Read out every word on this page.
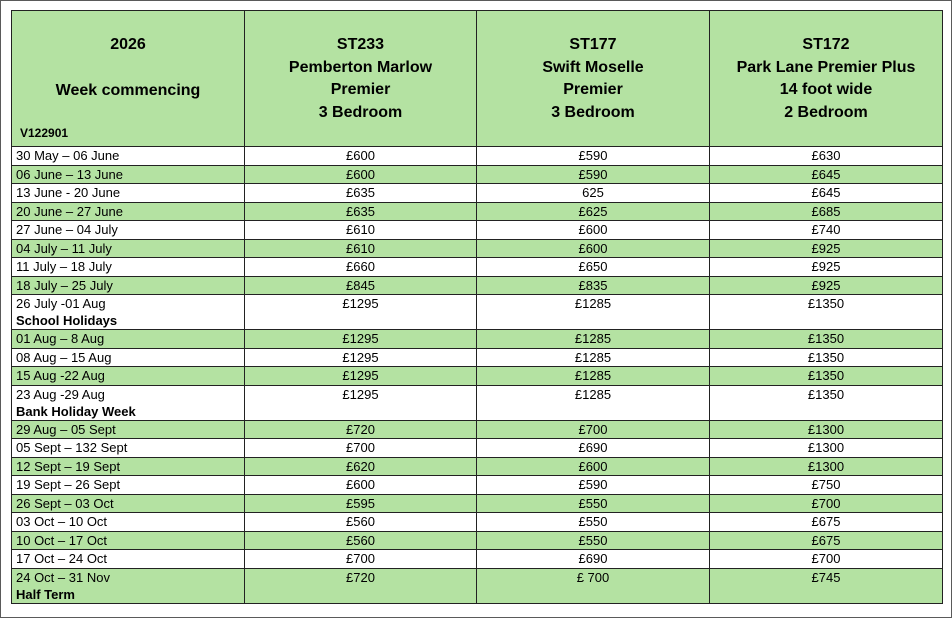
2026
Week commencing
V122901	ST233
Pemberton Marlow
Premier
3 Bedroom	ST177
Swift Moselle
Premier
3 Bedroom	ST172
Park Lane Premier Plus
14 foot wide
2 Bedroom

30 May – 06 June	£600	£590	£630
06 June – 13 June	£600	£590	£645
13 June - 20 June	£635	625	£645
20 June – 27 June	£635	£625	£685
27 June – 04 July	£610	£600	£740
04 July – 11 July	£610	£600	£925
11 July – 18 July	£660	£650	£925
18 July – 25 July	£845	£835	£925
26 July -01 Aug
School Holidays	£1295	£1285	£1350
01 Aug – 8 Aug	£1295	£1285	£1350
08 Aug – 15 Aug	£1295	£1285	£1350
15 Aug -22 Aug	£1295	£1285	£1350
23 Aug -29 Aug
Bank Holiday Week	£1295	£1285	£1350
29 Aug – 05 Sept	£720	£700	£1300
05 Sept – 132 Sept	£700	£690	£1300
12 Sept – 19 Sept	£620	£600	£1300
19 Sept – 26 Sept	£600	£590	£750
26 Sept – 03 Oct	£595	£550	£700
03 Oct – 10 Oct	£560	£550	£675
10 Oct – 17 Oct	£560	£550	£675
17 Oct – 24 Oct	£700	£690	£700
24 Oct – 31 Nov
Half Term	£720	£ 700	£745
